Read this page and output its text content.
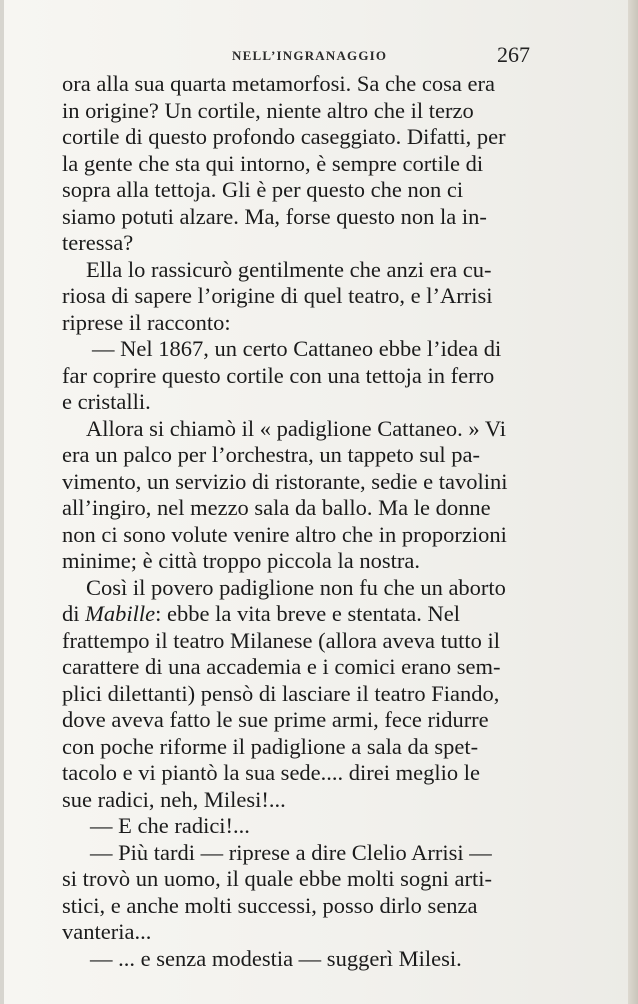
NELL’INGRANAGGIO	267
ora alla sua quarta metamorfosi. Sa che cosa era
in origine? Un cortile, niente altro che il terzo
cortile di questo profondo caseggiato. Difatti, per
la gente che sta qui intorno, è sempre cortile di
sopra alla tettoja. Gli è per questo che non ci
siamo potuti alzare. Ma, forse questo non la in-
teressa?
Ella lo rassicurò gentilmente che anzi era cu-
riosa di sapere l’origine di quel teatro, e l’Arrisi
riprese il racconto:
— Nel 1867, un certo Cattaneo ebbe l’idea di
far coprire questo cortile con una tettoja in ferro
e cristalli.
Allora si chiamò il « padiglione Cattaneo. » Vi
era un palco per l’orchestra, un tappeto sul pa-
vimento, un servizio di ristorante, sedie e tavolini
all’ingiro, nel mezzo sala da ballo. Ma le donne
non ci sono volute venire altro che in proporzioni
minime; è città troppo piccola la nostra.
Così il povero padiglione non fu che un aborto
di Mabille: ebbe la vita breve e stentata. Nel
frattempo il teatro Milanese (allora aveva tutto il
carattere di una accademia e i comici erano sem-
plici dilettanti) pensò di lasciare il teatro Fiando,
dove aveva fatto le sue prime armi, fece ridurre
con poche riforme il padiglione a sala da spet-
tacolo e vi piantò la sua sede.... direi meglio le
sue radici, neh, Milesi!...
— E che radici!...
— Più tardi — riprese a dire Clelio Arrisi —
si trovò un uomo, il quale ebbe molti sogni arti-
stici, e anche molti successi, posso dirlo senza
vanteria...
— ... e senza modestia — suggerì Milesi.
